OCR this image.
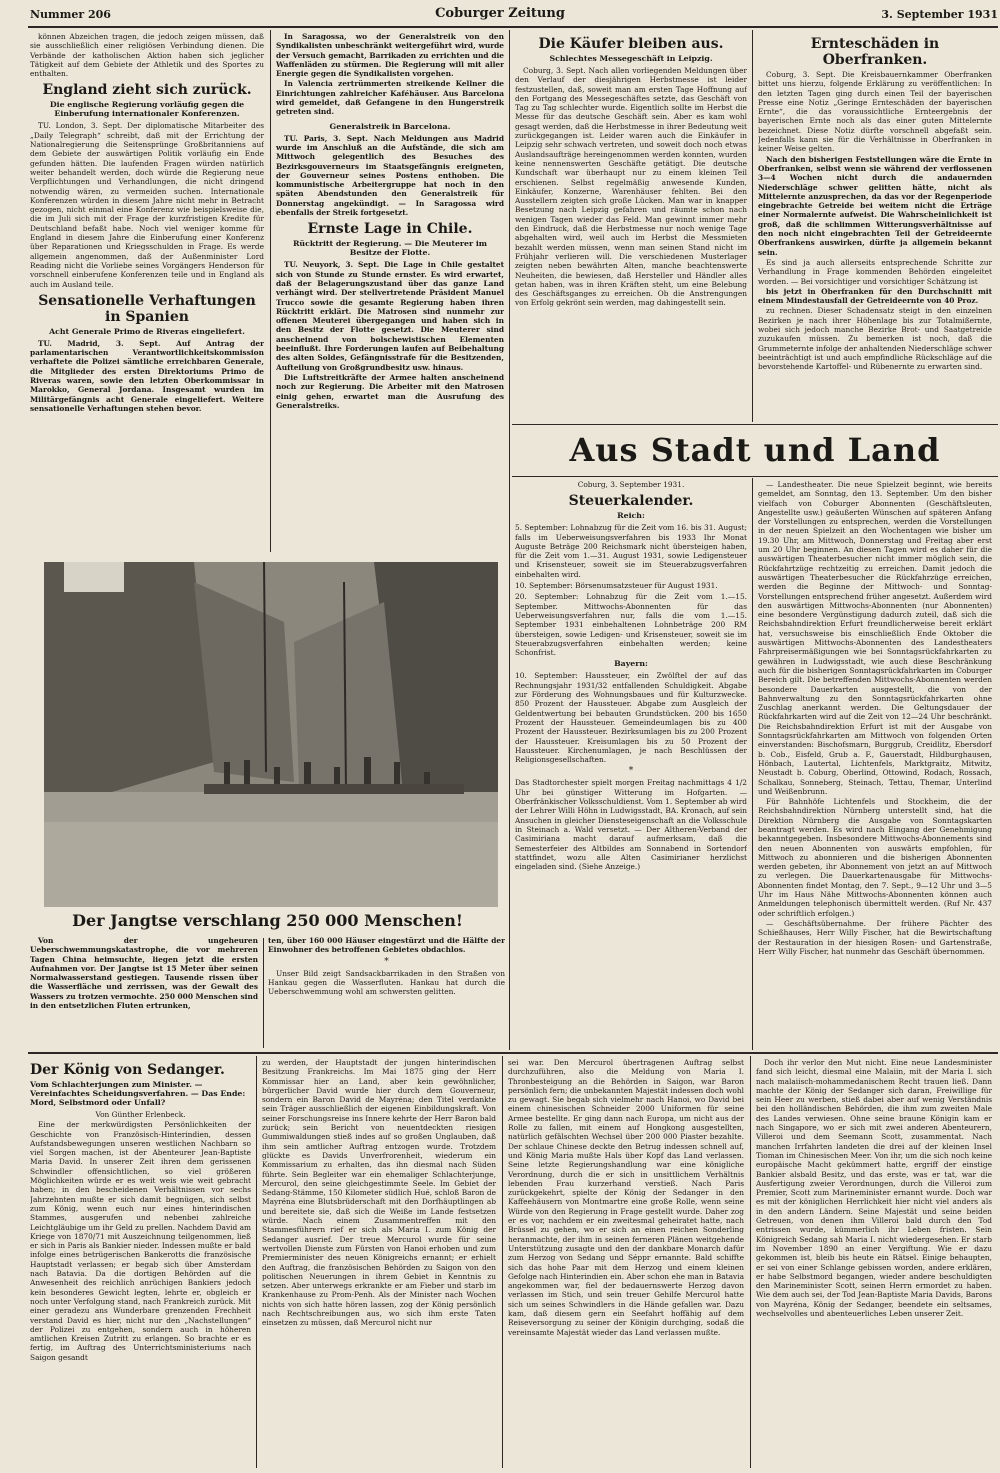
Nummer 206	Coburger Zeitung	3. September 1931

können Abzeichen tragen, die jedoch zeigen müssen, daß sie ausschließlich einer religiösen Verbindung dienen. Die Verbände der katholischen Aktion haben sich jeglicher Tätigkeit auf dem Gebiete der Athletik und des Sportes zu enthalten.

England zieht sich zurück.
Die englische Regierung vorläufig gegen die Einberufung internationaler Konferenzen.

TU. London, 3. Sept. Der diplomatische Mitarbeiter des „Daily Telegraph“ schreibt, daß mit der Errichtung der Nationalregierung die Seitensprünge Großbritanniens auf dem Gebiete der auswärtigen Politik vorläufig ein Ende gefunden hätten. Die laufenden Fragen würden natürlich weiter behandelt werden, doch würde die Regierung neue Verpflichtungen und Verhandlungen, die nicht dringend notwendig wären, zu vermeiden suchen. Internationale Konferenzen würden in diesem Jahre nicht mehr in Betracht gezogen, nicht einmal eine Konferenz wie beispielsweise die, die im Juli sich mit der Frage der kurzfristigen Kredite für Deutschland befaßt habe. Noch viel weniger komme für England in diesem Jahre die Einberufung einer Konferenz über Reparationen und Kriegsschulden in Frage. Es werde allgemein angenommen, daß der Außenminister Lord Reading nicht die Vorliebe seines Vorgängers Henderson für vorschnell einberufene Konferenzen teile und in England als auch im Ausland teile.

Sensationelle Verhaftungen in Spanien
Acht Generale Primo de Riveras eingeliefert.

TU. Madrid, 3. Sept. Auf Antrag der parlamentarischen Verantwortlichkeitskommission verhaftete die Polizei sämtliche erreichbaren Generale, die Mitglieder des ersten Direktoriums Primo de Riveras waren, sowie den letzten Oberkommissar in Marokko, General Jordana. Insgesamt wurden im Militärgefängnis acht Generale eingeliefert. Weitere sensationelle Verhaftungen stehen bevor.

In Saragossa, wo der Generalstreik von den Syndikalisten unbeschränkt weitergeführt wird, wurde der Versuch gemacht, Barrikaden zu errichten und die Waffenläden zu stürmen. Die Regierung will mit aller Energie gegen die Syndikalisten vorgehen.

In Valencia zertrümmerten streikende Kellner die Einrichtungen zahlreicher Kaféhäuser. Aus Barcelona wird gemeldet, daß Gefangene in den Hungerstreik getreten sind.

Generalstreik in Barcelona.

TU. Paris, 3. Sept. Nach Meldungen aus Madrid wurde im Anschluß an die Aufstände, die sich am Mittwoch gelegentlich des Besuches des Bezirksgouverneurs im Staatsgefängnis ereigneten, der Gouverneur seines Postens enthoben. Die kommunistische Arbeitergruppe hat noch in den späten Abendstunden den Generalstreik für Donnerstag angekündigt. — In Saragossa wird ebenfalls der Streik fortgesetzt.

Ernste Lage in Chile.
Rücktritt der Regierung. — Die Meuterer im Besitze der Flotte.

TU. Neuyork, 3. Sept. Die Lage in Chile gestaltet sich von Stunde zu Stunde ernster. Es wird erwartet, daß der Belagerungszustand über das ganze Land verhängt wird. Der stellvertretende Präsident Manuel Trucco sowie die gesamte Regierung haben ihren Rücktritt erklärt. Die Matrosen sind nunmehr zur offenen Meuterei übergegangen und haben sich in den Besitz der Flotte gesetzt. Die Meuterer sind anscheinend von bolschewistischen Elementen beeinflußt. Ihre Forderungen laufen auf Beibehaltung des alten Soldes, Gefängnisstrafe für die Besitzenden, Aufteilung von Großgrundbesitz usw. hinaus.

Die Luftstreitkräfte der Armee halten anscheinend noch zur Regierung. Die Arbeiter mit den Matrosen einig gehen, erwartet man die Ausrufung des Generalstreiks.

Der Jangtse verschlang 250 000 Menschen!

Von der ungeheuren Ueberschwemmungskatastrophe, die vor mehreren Tagen China heimsuchte, liegen jetzt die ersten Aufnahmen vor. Der Jangtse ist 15 Meter über seinen Normalwasserstand gestiegen. Tausende rissen über die Wasserfläche und zerrissen, was der Gewalt des Wassers zu trotzen vermochte. 250 000 Menschen sind in den entsetzlichen Fluten ertrunken,

ten, über 160 000 Häuser eingestürzt und die Hälfte der Einwohner des betroffenen Gebietes obdachlos.

*

Unser Bild zeigt Sandsackbarrikaden in den Straßen von Hankau gegen die Wasserfluten. Hankau hat durch die Ueberschwemmung wohl am schwersten gelitten.

Die Käufer bleiben aus.
Schlechtes Messegeschäft in Leipzig.

Coburg, 3. Sept. Nach allen vorliegenden Meldungen über den Verlauf der diesjährigen Herbstmesse ist leider festzustellen, daß, soweit man am ersten Tage Hoffnung auf den Fortgang des Messegeschäftes setzte, das Geschäft von Tag zu Tag schlechter wurde. Eigentlich sollte im Herbst die Messe für das deutsche Geschäft sein. Aber es kam wohl gesagt werden, daß die Herbstmesse in ihrer Bedeutung weit zurückgegangen ist. Leider waren auch die Einkäufer in Leipzig sehr schwach vertreten, und soweit doch noch etwas Auslandsaufträge hereingenommen werden konnten, wurden keine nennenswerten Geschäfte getätigt. Die deutsche Kundschaft war überhaupt nur zu einem kleinen Teil erschienen. Selbst regelmäßig anwesende Kunden, Einkäufer, Konzerne, Warenhäuser fehlten. Bei den Ausstellern zeigten sich große Lücken. Man war in knapper Besetzung nach Leipzig gefahren und räumte schon nach wenigen Tagen wieder das Feld. Man gewinnt immer mehr den Eindruck, daß die Herbstmesse nur noch wenige Tage abgehalten wird, weil auch im Herbst die Messmieten bezahlt werden müssen, wenn man seinen Stand nicht im Frühjahr verlieren will. Die verschiedenen Musterlager zeigten neben bewährten Alten, manche beachtenswerte Neuheiten, die bewiesen, daß Hersteller und Händler alles getan haben, was in ihren Kräften steht, um eine Belebung des Geschäftsganges zu erreichen. Ob die Anstrengungen von Erfolg gekrönt sein werden, mag dahingestellt sein.

Ernteschäden in Oberfranken.

Coburg, 3. Sept. Die Kreisbauernkammer Oberfranken bittet uns hierzu, folgende Erklärung zu veröffentlichen: In den letzten Tagen ging durch einen Teil der bayerischen Presse eine Notiz „Geringe Ernteschäden der bayerischen Ernte“, die das voraussichtliche Ernteergebnis der bayerischen Ernte noch als das einer guten Mittelernte bezeichnet. Diese Notiz dürfte vorschnell abgefaßt sein. Jedenfalls kann sie für die Verhältnisse in Oberfranken in keiner Weise gelten.

Nach den bisherigen Feststellungen wäre die Ernte in Oberfranken, selbst wenn sie während der verflossenen 3—4 Wochen nicht durch die andauernden Niederschläge schwer gelitten hätte, nicht als Mittelernte anzusprechen, da das vor der Regenperiode eingebrachte Getreide bei weitem nicht die Erträge einer Normalernte aufweist. Die Wahrscheinlichkeit ist groß, daß die schlimmen Witterungsverhältnisse auf den noch nicht eingebrachten Teil der Getreideernte Oberfrankens auswirken, dürfte ja allgemein bekannt sein.

Es sind ja auch allerseits entsprechende Schritte zur Verhandlung in Frage kommenden Behörden eingeleitet worden. — Bei vorsichtiger und vorsichtiger Schätzung ist

bis jetzt in Oberfranken für den Durchschnitt mit einem Mindestausfall der Getreideernte von 40 Proz.

zu rechnen. Dieser Schadensatz steigt in den einzelnen Bezirken je nach ihrer Höhenlage bis zur Totalmißernte, wobei sich jedoch manche Bezirke Brot- und Saatgetreide zuzukaufen müssen. Zu bemerken ist noch, daß die Grummeternte infolge der anhaltenden Niederschläge schwer beeinträchtigt ist und auch empfindliche Rückschläge auf die bevorstehende Kartoffel- und Rübenernte zu erwarten sind.

Aus Stadt und Land

Coburg, 3. September 1931.

Steuerkalender.
Reich:

5. September: Lohnabzug für die Zeit vom 16. bis 31. August; falls im Ueberweisungsverfahren bis 1933 Ihr Monat Auguste Beträge 200 Reichsmark nicht übersteigen haben, für die Zeit vom 1.—31. August 1931, sowie Ledigensteuer und Krisensteuer, soweit sie im Steuerabzugsverfahren einbehalten wird.

10. September: Börsenumsatzsteuer für August 1931.

20. September: Lohnabzug für die Zeit vom 1.—15. September. Mittwochs-Abonnenten für das Ueberweisungsverfahren nur, falls die vom 1.—15. September 1931 einbehaltenen Lohnbeträge 200 RM übersteigen, sowie Ledigen- und Krisensteuer, soweit sie im Steuerabzugsverfahren einbehalten werden; keine Schonfrist.

Bayern:

10. September: Haussteuer, ein Zwölftel der auf das Rechnungsjahr 1931/32 entfallenden Schuldigkeit. Abgabe zur Förderung des Wohnungsbaues und für Kulturzwecke. 850 Prozent der Haussteuer. Abgabe zum Ausgleich der Geldentwertung bei bebauten Grundstücken. 200 bis 1650 Prozent der Haussteuer. Gemeindeumlagen bis zu 400 Prozent der Haussteuer. Bezirksumlagen bis zu 200 Prozent der Haussteuer. Kreisumlagen bis zu 50 Prozent der Haussteuer. Kirchenumlagen, je nach Beschlüssen der Religionsgesellschaften.

*

Das Stadtorchester spielt morgen Freitag nachmittags 4 1/2 Uhr bei günstiger Witterung im Hofgarten. — Oberfränkischer Volksschuldienst. Vom 1. September ab wird der Lehrer Willi Höhn in Ludwigsstadt, BA. Kronach, auf sein Ansuchen in gleicher Diensteseigenschaft an die Volksschule in Steinach a. Wald versetzt. — Der Altheren-Verband der Casimiriana macht darauf aufmerksam, daß die Semesterfeier des Altbildes am Sonnabend in Sortendorf stattfindet, wozu alle Alten Casimirianer herzlichst eingeladen sind. (Siehe Anzeige.)

— Landestheater. Die neue Spielzeit beginnt, wie bereits gemeldet, am Sonntag, den 13. September. Um den bisher vielfach von Coburger Abonnenten (Geschäftsleuten, Angestellte usw.) geäußerten Wünschen auf späteren Anfang der Vorstellungen zu entsprechen, werden die Vorstellungen in der neuen Spielzeit an den Wochentagen wie bisher um 19.30 Uhr, am Mittwoch, Donnerstag und Freitag aber erst um 20 Uhr beginnen. An diesen Tagen wird es daher für die auswärtigen Theaterbesucher nicht immer möglich sein, die Rückfahrtzüge rechtzeitig zu erreichen. Damit jedoch die auswärtigen Theaterbesucher die Rückfahrzüge erreichen, werden die Beginne der Mittwoch- und Sonntag-Vorstellungen entsprechend früher angesetzt. Außerdem wird den auswärtigen Mittwochs-Abonnenten (nur Abonnenten) eine besondere Vergünstigung dadurch zuteil, daß sich die Reichsbahndirektion Erfurt freundlicherweise bereit erklärt hat, versuchsweise bis einschließlich Ende Oktober die auswärtigen Mittwochs-Abonnenten des Landestheaters Fahrpreisermäßigungen wie bei Sonntagsrückfahrkarten zu gewähren in Ludwigsstadt, wie auch diese Beschränkung auch für die bisherigen Sonntagsrückfahrkarten im Coburger Bereich gilt. Die betreffenden Mittwochs-Abonnenten werden besondere Dauerkarten ausgestellt, die von der Bahnverwaltung zu den Sonntagsrückfahrkarten ohne Zuschlag anerkannt werden. Die Geltungsdauer der Rückfahrkarten wird auf die Zeit von 12—24 Uhr beschränkt. Die Reichsbahndirektion Erfurt ist mit der Ausgabe von Sonntagsrückfahrkarten am Mittwoch von folgenden Orten einverstanden: Bischofsmarn, Burggrub, Creidlitz, Ebersdorf b. Cob., Eisfeld, Grub a. F., Gauerstadt, Hildburghausen, Hönbach, Lautertal, Lichtenfels, Marktgraitz, Mitwitz, Neustadt b. Coburg, Oberlind, Ottowind, Rodach, Rossach, Schalkau, Sonneberg, Steinach, Tettau, Themar, Unterlind und Weißenbrunn.

Für Bahnhöfe Lichtenfels und Stockheim, die der Reichsbahndirektion Nürnberg unterstellt sind, hat die Direktion Nürnberg die Ausgabe von Sonntagskarten beantragt werden. Es wird nach Eingang der Genehmigung bekanntgegeben. Insbesondere Mittwochs-Abonnements sind den neuen Abonnenten von auswärts empfohlen, für Mittwoch zu abonnieren und die bisherigen Abonnenten werden gebeten, ihr Abonnement von jetzt an auf Mittwoch zu verlegen. Die Dauerkartenausgabe für Mittwochs-Abonnenten findet Montag, den 7. Sept., 9—12 Uhr und 3—5 Uhr im Haus Nähe Mittwochs-Abonnenten können auch Anmeldungen telephonisch übermittelt werden. (Ruf Nr. 437 oder schriftlich erfolgen.)

— Geschäftsübernahme. Der frühere Pächter des Schießhauses, Herr Willy Fischer, hat die Bewirtschaftung der Restauration in der hiesigen Rosen- und Gartenstraße, Herr Willy Fischer, hat nunmehr das Geschäft übernommen.

Der König von Sedanger.
Vom Schlachterjungen zum Minister. — Vereinfachtes Scheidungsverfahren. — Das Ende: Mord, Selbstmord oder Unfall?

Von Günther Erlenbeck.

Eine der merkwürdigsten Persönlichkeiten der Geschichte von Französisch-Hinterindien, dessen Aufstandsbewegungen unseren westlichen Nachbarn so viel Sorgen machen, ist der Abenteurer Jean-Baptiste Maria David. In unserer Zeit ihren dem gerissenen Schwindler offensichtlichen, so viel größeren Möglichkeiten würde er es weit weis wie weit gebracht haben; in den bescheidenen Verhältnissen vor sechs Jahrzehnten mußte er sich damit begnügen, sich selbst zum König, wenn euch nur eines hinterindischen Stammes, ausgerufen und nebenbei zahlreiche Leichtgläubige um ihr Geld zu prellen. Nachdem David am Kriege von 1870/71 mit Auszeichnung teilgenommen, ließ er sich in Paris als Bankier nieder. Indessen mußte er bald infolge eines betrügerischen Bankerotts die französische Hauptstadt verlassen; er begab sich über Amsterdam nach Batavia. Da die dortigen Behörden auf die Anwesenheit des reichlich anrüchigen Bankiers jedoch kein besonderes Gewicht legten, lehrte er, obgleich er noch unter Verfolgung stand, nach Frankreich zurück. Mit einer geradezu ans Wunderbare grenzenden Frechheit verstand David es hier, nicht nur den „Nachstellungen“ der Polizei zu entgehen, sondern auch in höheren amtlichen Kreisen Zutritt zu erlangen. So brachte er es fertig, im Auftrag des Unterrichtsministeriums nach Saigon gesandt

zu werden, der Hauptstadt der jungen hinterindischen Besitzung Frankreichs. Im Mai 1875 ging der Herr Kommissar hier an Land, aber kein gewöhnlicher, bürgerlicher David wurde hier durch dem Gouverneur, sondern ein Baron David de Mayréna; den Titel verdankte sein Träger ausschließlich der eigenen Einbildungskraft. Von seiner Forschungsreise ins Innere kehrte der Herr Baron bald zurück; sein Bericht von neuentdeckten riesigen Gummiwaldungen stieß indes auf so großen Unglauben, daß ihm sein amtlicher Auftrag entzogen wurde. Trotzdem glückte es Davids Unverfrorenheit, wiederum ein Kommissarium zu erhalten, das ihn diesmal nach Süden führte. Sein Begleiter war ein ehemaliger Schlachterjunge, Mercurol, den seine gleichgestimmte Seele. Im Gebiet der Sedang-Stämme, 150 Kilometer südlich Hué, schloß Baron de Mayréna eine Blutsbrüderschaft mit den Dorfhäuptlingen ab und bereitete sie, daß sich die Weiße im Lande festsetzen würde. Nach einem Zusammentreffen mit den Stammesführern rief er sich als Maria I. zum König der Sedanger ausrief. Der treue Mercurol wurde für seine wertvollen Dienste zum Fürsten von Hanoi erhoben und zum Premierminister des neuen Königreichs ernannt; er erhielt den Auftrag, die französischen Behörden zu Saigon von den politischen Neuerungen in ihrem Gebiet in Kenntnis zu setzen. Aber unterwegs erkrankte er am Fieber und starb im Krankenhause zu Prom-Penh. Als der Minister nach Wochen nichts von sich hatte hören lassen, zog der König persönlich nach Rechtschreibungen aus, wo sich ihm erste Taten einsetzen zu müssen, daß Mercurol nicht nur

sei war. Den Mercurol übertragenen Auftrag selbst durchzuführen, also die Meldung von Maria I. Thronbesteigung an die Behörden in Saigon, war Baron persönlich fern; die unbekannten Majestät indessen doch wohl zu gewagt. Sie begab sich vielmehr nach Hanoi, wo David bei einem chinesischen Schneider 2000 Uniformen für seine Armee bestellte. Er ging dann nach Europa, um nicht aus der Rolle zu fallen, mit einem auf Hongkong ausgestellten, natürlich gefälschten Wechsel über 200 000 Piaster bezahlte. Der schlaue Chinese deckte den Betrug indessen schnell auf, und König Maria mußte Hals über Kopf das Land verlassen. Seine letzte Regierungshandlung war eine königliche Verordnung, durch die er sich in unsittlichem Verhältnis lebenden Frau kurzerhand verstieß. Nach Paris zurückgekehrt, spielte der König der Sedanger in den Kaffeehäusern von Montmartre eine große Rolle, wenn seine Würde von den Regierung in Frage gestellt wurde. Daher zog er es vor, nachdem er ein zweitesmal geheiratet hatte, nach Brüssel zu gehen, wo er sich an einen reichen Sonderling heranmachte, der ihm in seinen ferneren Plänen weitgehende Unterstützung zusagte und den der dankbare Monarch dafür zum Herzog von Sedang und Séppr ernannte. Bald schiffte sich das hohe Paar mit dem Herzog und einem kleinen Gefolge nach Hinterindien ein. Aber schon ehe man in Batavia angekommen war, fiel der bedauernswerte Herzog davon verlassen im Stich, und sein treuer Gehilfe Mercurol hatte sich um seines Schwindlers in die Hände gefallen war. Dazu kam, daß diesem gern ein Seefahrt hoffähig auf dem Reiseversorgung zu seiner der Königin durchging, sodaß die vereinsamte Majestät wieder das Land verlassen mußte.

Doch ihr verlor den Mut nicht. Eine neue Landesminister fand sich leicht, diesmal eine Malaiin, mit der Maria I. sich nach malaiisch-mohammedanischem Recht trauen ließ. Dann machte der König der Sedanger sich daran, Freiwillige für sein Heer zu werben, stieß dabei aber auf wenig Verständnis bei den holländischen Behörden, die ihm zum zweiten Male des Landes verwiesen. Ohne seine braune Königin kam er nach Singapore, wo er sich mit zwei anderen Abenteurern, Villeroi und dem Seemann Scott, zusammentat. Nach manchen Irrfahrten landeten die drei auf der kleinen Insel Tioman im Chinesischen Meer. Von ihr, um die sich noch keine europäische Macht gekümmert hatte, ergriff der einstige Bankier alsbald Besitz, und das erste, was er tat, war die Ausfertigung zweier Verordnungen, durch die Villeroi zum Premier, Scott zum Marineminister ernannt wurde. Doch war es mit der königlichen Herrlichkeit hier nicht viel anders als in den andern Ländern. Seine Majestät und seine beiden Getreuen, von denen ihm Villeroi bald durch den Tod entrissen wurde, kümmerlich ihr Leben fristen. Sein Königreich Sedang sah Maria I. nicht wiedergesehen. Er starb im November 1890 an einer Vergiftung. Wie er dazu gekommen ist, bleib bis heute ein Rätsel. Einige behaupten, er sei von einer Schlange gebissen worden, andere erklären, er habe Selbstmord begangen, wieder andere beschuldigten den Marineminister Scott, seinen Herrn ermordet zu haben. Wie dem auch sei, der Tod Jean-Baptiste Maria Davids, Barons von Mayréna, König der Sedanger, beendete ein seltsames, wechselvolles und abenteuerliches Leben unserer Zeit.
